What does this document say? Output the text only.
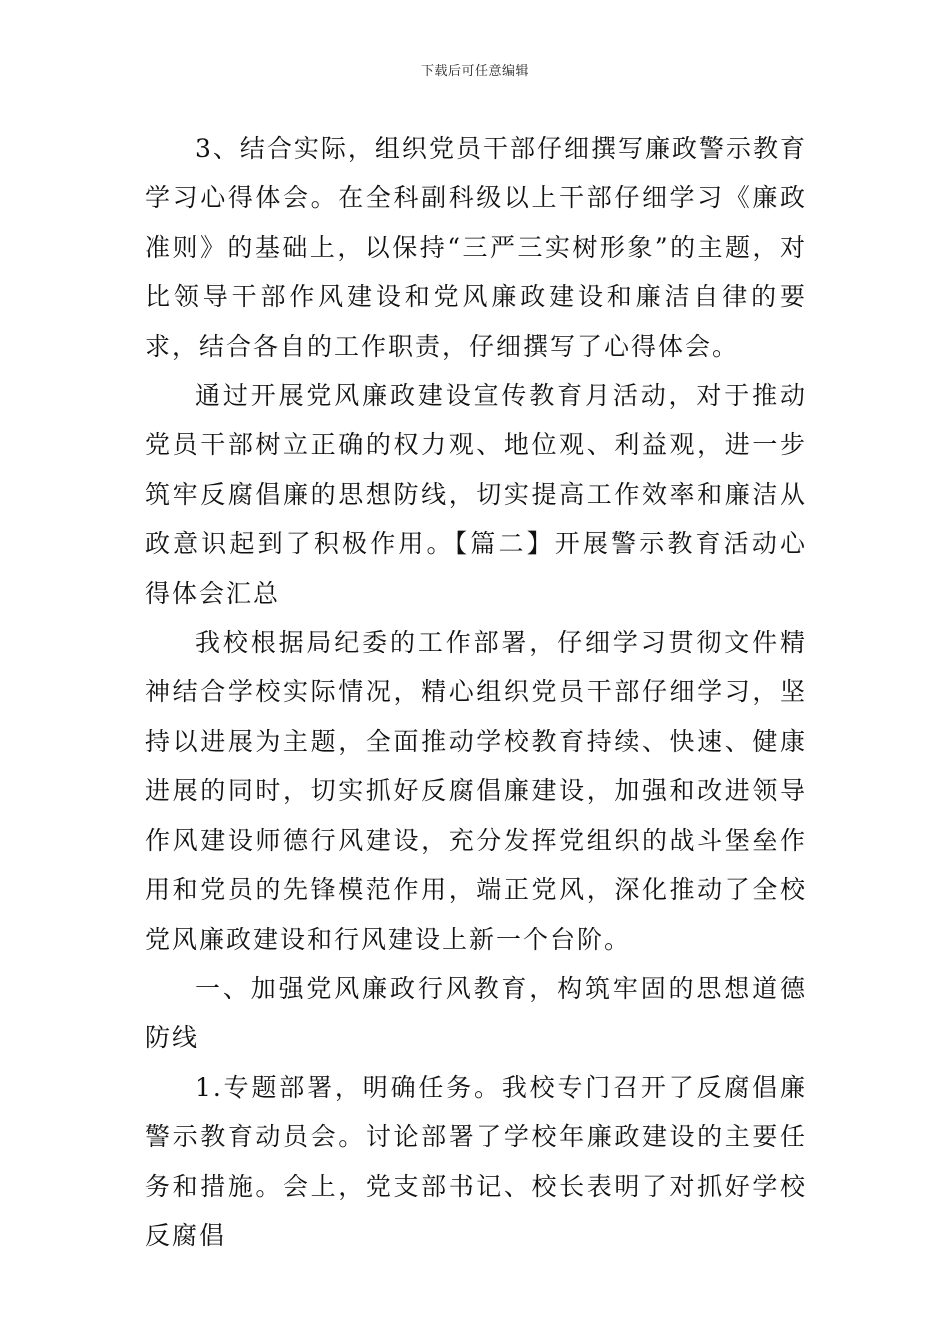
下载后可任意编辑

3、结合实际，组织党员干部仔细撰写廉政警示教育学习心得体会。在全科副科级以上干部仔细学习《廉政准则》的基础上，以保持“三严三实树形象”的主题，对比领导干部作风建设和党风廉政建设和廉洁自律的要求，结合各自的工作职责，仔细撰写了心得体会。

通过开展党风廉政建设宣传教育月活动，对于推动党员干部树立正确的权力观、地位观、利益观，进一步筑牢反腐倡廉的思想防线，切实提高工作效率和廉洁从政意识起到了积极作用。【篇二】开展警示教育活动心得体会汇总

我校根据局纪委的工作部署，仔细学习贯彻文件精神结合学校实际情况，精心组织党员干部仔细学习，坚持以进展为主题，全面推动学校教育持续、快速、健康进展的同时，切实抓好反腐倡廉建设，加强和改进领导作风建设师德行风建设，充分发挥党组织的战斗堡垒作用和党员的先锋模范作用，端正党风，深化推动了全校党风廉政建设和行风建设上新一个台阶。

一、加强党风廉政行风教育，构筑牢固的思想道德防线

1.专题部署，明确任务。我校专门召开了反腐倡廉警示教育动员会。讨论部署了学校年廉政建设的主要任务和措施。会上，党支部书记、校长表明了对抓好学校反腐倡
